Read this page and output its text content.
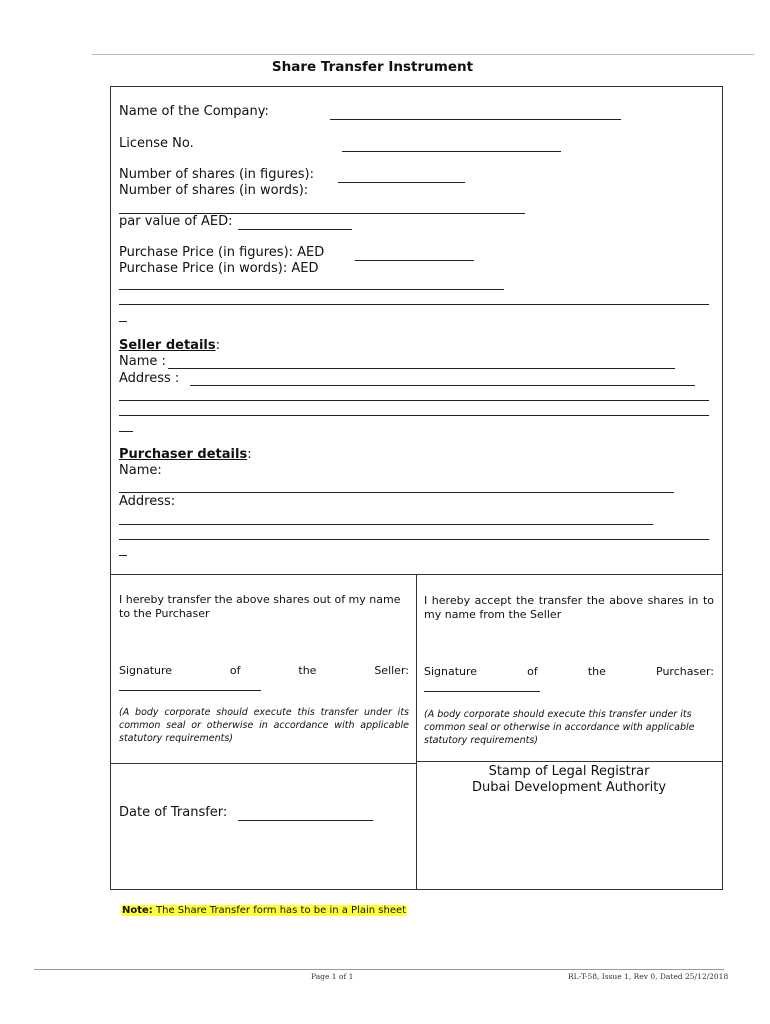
Share Transfer Instrument
Name of the Company:
License No.
Number of shares (in figures):
Number of shares (in words):
par value of AED:
Purchase Price (in figures): AED
Purchase Price (in words): AED
Seller details:
Name :
Address :
Purchaser details:
Name:
Address:
I hereby transfer the above shares out of my name to the Purchaser
Signature of the Seller:
(A body corporate should execute this transfer under its common seal or otherwise in accordance with applicable statutory requirements)
I hereby accept the transfer the above shares in to my name from the Seller
Signature of the Purchaser:
(A body corporate should execute this transfer under its common seal or otherwise in accordance with applicable statutory requirements)
Date of Transfer:
Stamp of Legal Registrar
Dubai Development Authority
Note: The Share Transfer form has to be in a Plain sheet
Page 1 of 1	RL-T-58, Issue 1, Rev 0, Dated 25/12/2018
